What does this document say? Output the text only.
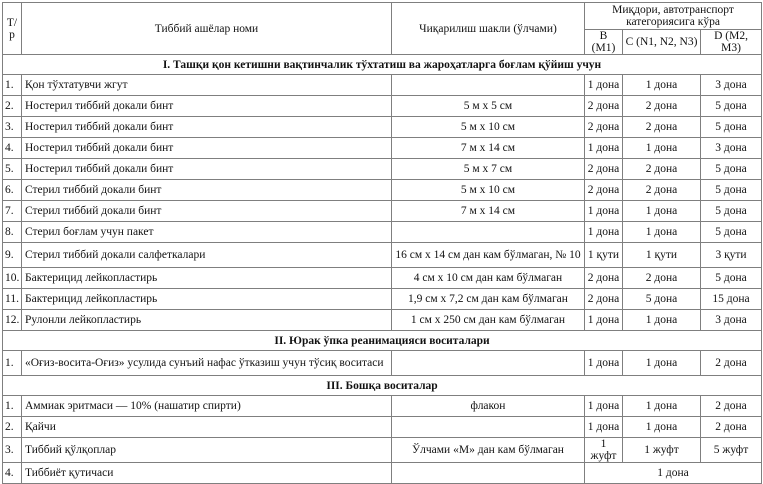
Т/р	Тиббий ашёлар номи	Чиқарилиш шакли (ўлчами)	Миқдори, автотранспорт категориясига кўра		
			B (M1)	C (N1, N2, N3)	D (M2, M3)
I. Ташқи қон кетишни вақтинчалик тўхтатиш ва жароҳатларга боғлам қўйиш учун					
1.	Қон тўхтатувчи жгут		1 дона	1 дона	3 дона
2.	Ностерил тиббий докали бинт	5 м x 5 см	2 дона	2 дона	5 дона
3.	Ностерил тиббий докали бинт	5 м x 10 см	2 дона	2 дона	5 дона
4.	Ностерил тиббий докали бинт	7 м x 14 см	1 дона	1 дона	3 дона
5.	Ностерил тиббий докали бинт	5 м x 7 см	2 дона	2 дона	5 дона
6.	Стерил тиббий докали бинт	5 м x 10 см	2 дона	2 дона	5 дона
7.	Стерил тиббий докали бинт	7 м x 14 см	1 дона	1 дона	5 дона
8.	Стерил боғлам учун пакет		1 дона	1 дона	5 дона
9.	Стерил тиббий докали салфеткалари	16 см x 14 см дан кам бўлмаган, № 10	1 қути	1 қути	3 қути
10.	Бактерицид лейкопластирь	4 см x 10 см дан кам бўлмаган	2 дона	2 дона	5 дона
11.	Бактерицид лейкопластирь	1,9 см x 7,2 см дан кам бўлмаган	2 дона	5 дона	15 дона
12.	Рулонли лейкопластирь	1 см x 250 см дан кам бўлмаган	1 дона	1 дона	3 дона
II. Юрак ўпка реанимацияси воситалари					
1.	«Оғиз-восита-Оғиз» усулида сунъий нафас ўтказиш учун тўсиқ воситаси		1 дона	1 дона	2 дона
III. Бошқа воситалар					
1.	Аммиак эритмаси — 10% (нашатир спирти)	флакон	1 дона	1 дона	2 дона
2.	Қайчи		1 дона	1 дона	2 дона
3.	Тиббий қўлқоплар	Ўлчами «М» дан кам бўлмаган	1 жуфт	1 жуфт	5 жуфт
4.	Тиббиёт қутичаси		1 дона		
